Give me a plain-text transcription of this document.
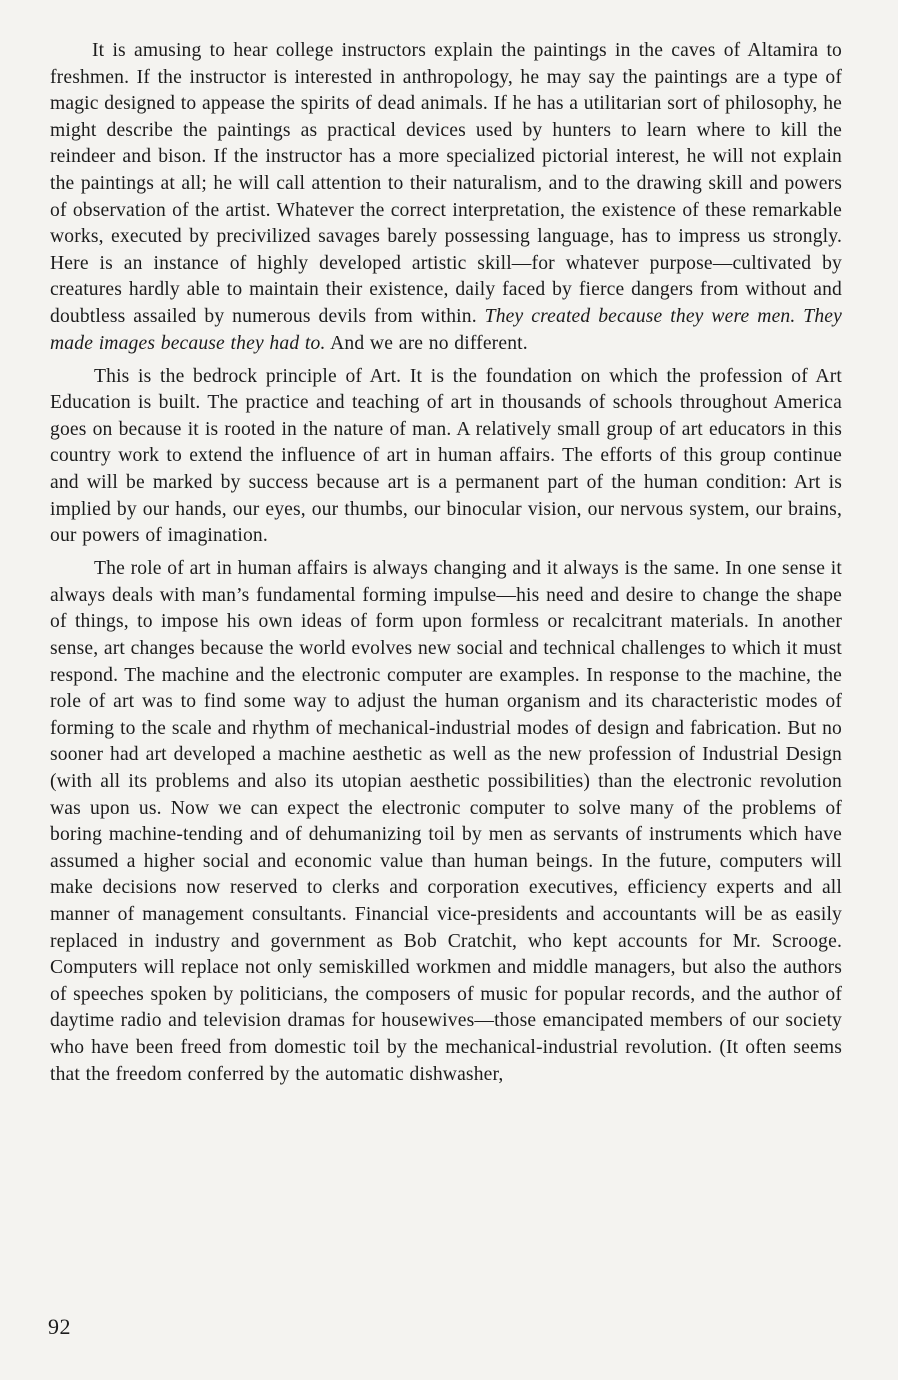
It is amusing to hear college instructors explain the paintings in the caves of Altamira to freshmen. If the instructor is interested in anthropology, he may say the paintings are a type of magic designed to appease the spirits of dead animals. If he has a utilitarian sort of philosophy, he might describe the paintings as practical devices used by hunters to learn where to kill the reindeer and bison. If the instructor has a more specialized pictorial interest, he will not explain the paintings at all; he will call attention to their naturalism, and to the drawing skill and powers of observation of the artist. Whatever the correct interpretation, the existence of these remarkable works, executed by precivilized savages barely possessing language, has to impress us strongly. Here is an instance of highly developed artistic skill—for whatever purpose—cultivated by creatures hardly able to maintain their existence, daily faced by fierce dangers from without and doubtless assailed by numerous devils from within. They created because they were men. They made images because they had to. And we are no different.

This is the bedrock principle of Art. It is the foundation on which the profession of Art Education is built. The practice and teaching of art in thousands of schools throughout America goes on because it is rooted in the nature of man. A relatively small group of art educators in this country work to extend the influence of art in human affairs. The efforts of this group continue and will be marked by success because art is a permanent part of the human condition: Art is implied by our hands, our eyes, our thumbs, our binocular vision, our nervous system, our brains, our powers of imagination.

The role of art in human affairs is always changing and it always is the same. In one sense it always deals with man’s fundamental forming impulse—his need and desire to change the shape of things, to impose his own ideas of form upon formless or recalcitrant materials. In another sense, art changes because the world evolves new social and technical challenges to which it must respond. The machine and the electronic computer are examples. In response to the machine, the role of art was to find some way to adjust the human organism and its characteristic modes of forming to the scale and rhythm of mechanical-industrial modes of design and fabrication. But no sooner had art developed a machine aesthetic as well as the new profession of Industrial Design (with all its problems and also its utopian aesthetic possibilities) than the electronic revolution was upon us. Now we can expect the electronic computer to solve many of the problems of boring machine-tending and of dehumanizing toil by men as servants of instruments which have assumed a higher social and economic value than human beings. In the future, computers will make decisions now reserved to clerks and corporation executives, efficiency experts and all manner of management consultants. Financial vice-presidents and accountants will be as easily replaced in industry and government as Bob Cratchit, who kept accounts for Mr. Scrooge. Computers will replace not only semiskilled workmen and middle managers, but also the authors of speeches spoken by politicians, the composers of music for popular records, and the author of daytime radio and television dramas for housewives—those emancipated members of our society who have been freed from domestic toil by the mechanical-industrial revolution. (It often seems that the freedom conferred by the automatic dishwasher,

92
